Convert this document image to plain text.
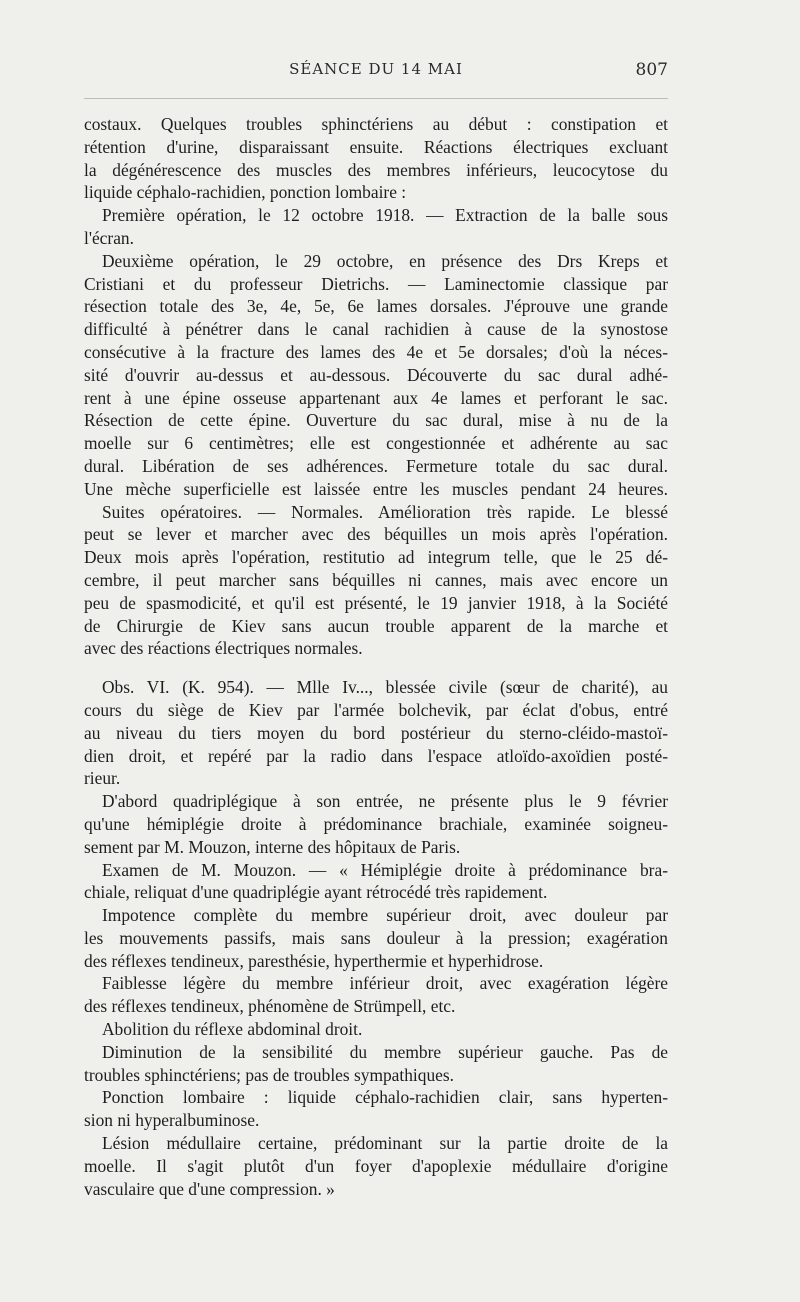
SÉANCE DU 14 MAI	807
costaux. Quelques troubles sphinctériens au début : constipation et
rétention d'urine, disparaissant ensuite. Réactions électriques excluant
la dégénérescence des muscles des membres inférieurs, leucocytose du
liquide céphalo-rachidien, ponction lombaire :
Première opération, le 12 octobre 1918. — Extraction de la balle sous
l'écran.
Deuxième opération, le 29 octobre, en présence des Drs Kreps et
Cristiani et du professeur Dietrichs. — Laminectomie classique par
résection totale des 3e, 4e, 5e, 6e lames dorsales. J'éprouve une grande
difficulté à pénétrer dans le canal rachidien à cause de la synostose
consécutive à la fracture des lames des 4e et 5e dorsales; d'où la néces-
sité d'ouvrir au-dessus et au-dessous. Découverte du sac dural adhé-
rent à une épine osseuse appartenant aux 4e lames et perforant le sac.
Résection de cette épine. Ouverture du sac dural, mise à nu de la
moelle sur 6 centimètres; elle est congestionnée et adhérente au sac
dural. Libération de ses adhérences. Fermeture totale du sac dural.
Une mèche superficielle est laissée entre les muscles pendant 24 heures.
Suites opératoires. — Normales. Amélioration très rapide. Le blessé
peut se lever et marcher avec des béquilles un mois après l'opération.
Deux mois après l'opération, restitutio ad integrum telle, que le 25 dé-
cembre, il peut marcher sans béquilles ni cannes, mais avec encore un
peu de spasmodicité, et qu'il est présenté, le 19 janvier 1918, à la Société
de Chirurgie de Kiev sans aucun trouble apparent de la marche et
avec des réactions électriques normales.
Obs. VI. (K. 954). — Mlle Iv..., blessée civile (sœur de charité), au
cours du siège de Kiev par l'armée bolchevik, par éclat d'obus, entré
au niveau du tiers moyen du bord postérieur du sterno-cléido-mastoï-
dien droit, et repéré par la radio dans l'espace atloïdo-axoïdien posté-
rieur.
D'abord quadriplégique à son entrée, ne présente plus le 9 février
qu'une hémiplégie droite à prédominance brachiale, examinée soigneu-
sement par M. Mouzon, interne des hôpitaux de Paris.
Examen de M. Mouzon. — « Hémiplégie droite à prédominance bra-
chiale, reliquat d'une quadriplégie ayant rétrocédé très rapidement.
Impotence complète du membre supérieur droit, avec douleur par
les mouvements passifs, mais sans douleur à la pression; exagération
des réflexes tendineux, paresthésie, hyperthermie et hyperhidrose.
Faiblesse légère du membre inférieur droit, avec exagération légère
des réflexes tendineux, phénomène de Strümpell, etc.
Abolition du réflexe abdominal droit.
Diminution de la sensibilité du membre supérieur gauche. Pas de
troubles sphinctériens; pas de troubles sympathiques.
Ponction lombaire : liquide céphalo-rachidien clair, sans hyperten-
sion ni hyperalbuminose.
Lésion médullaire certaine, prédominant sur la partie droite de la
moelle. Il s'agit plutôt d'un foyer d'apoplexie médullaire d'origine
vasculaire que d'une compression. »
